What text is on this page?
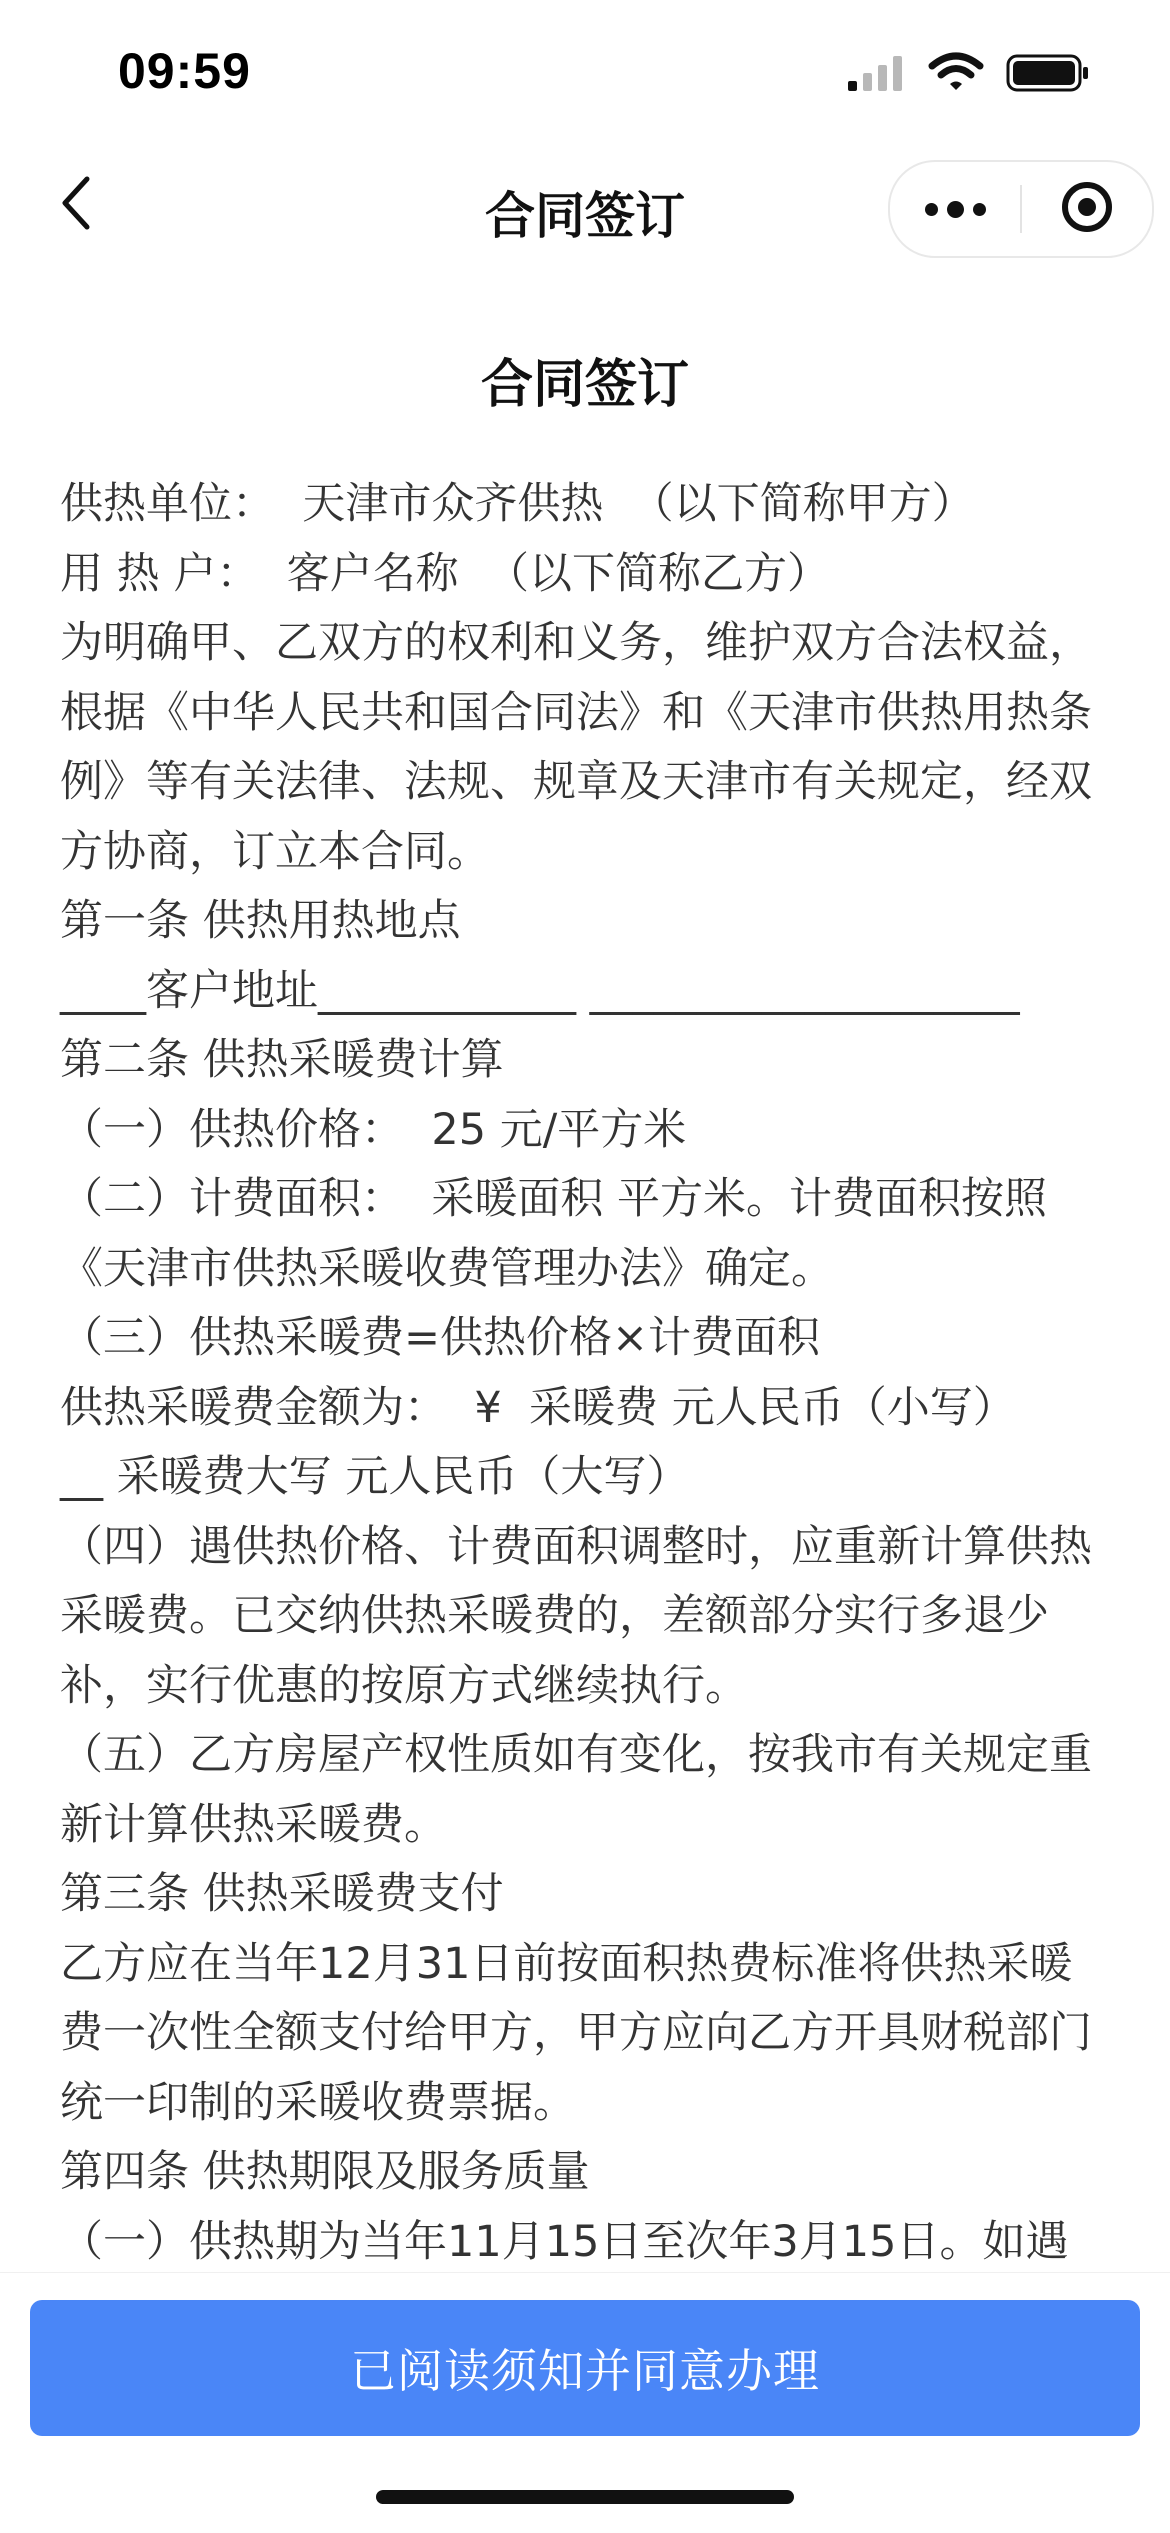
09:59
合同签订
合同签订

供热单位：  天津市众齐供热  （以下简称甲方）

用 热 户：  客户名称  （以下简称乙方）

为明确甲、乙双方的权利和义务，维护双方合法权益，根据《中华人民共和国合同法》和《天津市供热用热条例》等有关法律、法规、规章及天津市有关规定，经双方协商，订立本合同。

第一条 供热用热地点

____客户地址____________ ____________________

第二条 供热采暖费计算

（一）供热价格：  25 元/平方米

（二）计费面积：  采暖面积 平方米。计费面积按照《天津市供热采暖收费管理办法》确定。

（三）供热采暖费=供热价格×计费面积

供热采暖费金额为：  ¥  采暖费 元人民币（小写）

__ 采暖费大写 元人民币（大写）

（四）遇供热价格、计费面积调整时，应重新计算供热采暖费。已交纳供热采暖费的，差额部分实行多退少补，实行优惠的按原方式继续执行。

（五）乙方房屋产权性质如有变化，按我市有关规定重新计算供热采暖费。

第三条 供热采暖费支付

乙方应在当年12月31日前按面积热费标准将供热采暖费一次性全额支付给甲方，甲方应向乙方开具财税部门统一印制的采暖收费票据。

第四条 供热期限及服务质量

（一）供热期为当年11月15日至次年3月15日。如遇

已阅读须知并同意办理
